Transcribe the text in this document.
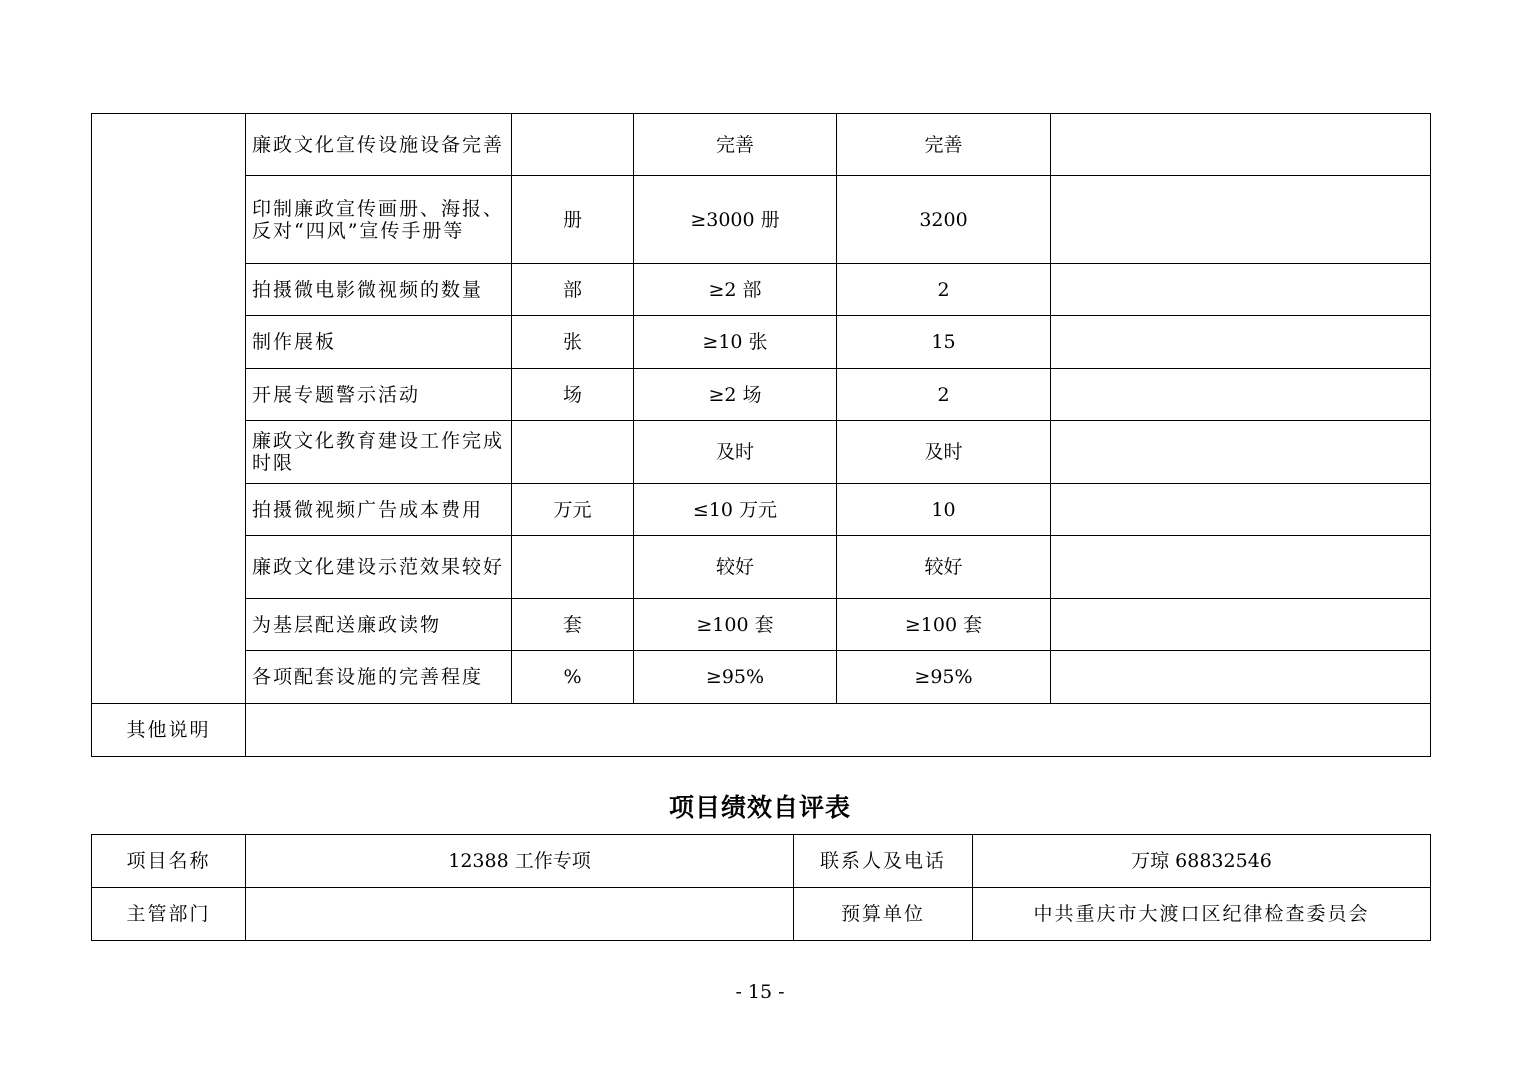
	廉政文化宣传设施设备完善		完善	完善	
	印制廉政宣传画册、海报、反对“四风”宣传手册等	册	≥3000 册	3200	
	拍摄微电影微视频的数量	部	≥2 部	2	
	制作展板	张	≥10 张	15	
	开展专题警示活动	场	≥2 场	2	
	廉政文化教育建设工作完成时限		及时	及时	
	拍摄微视频广告成本费用	万元	≤10 万元	10	
	廉政文化建设示范效果较好		较好	较好	
	为基层配送廉政读物	套	≥100 套	≥100 套	
	各项配套设施的完善程度	%	≥95%	≥95%	
其他说明					
项目绩效自评表
项目名称	12388 工作专项	联系人及电话	万琼 68832546
主管部门		预算单位	中共重庆市大渡口区纪律检查委员会
- 15 -
